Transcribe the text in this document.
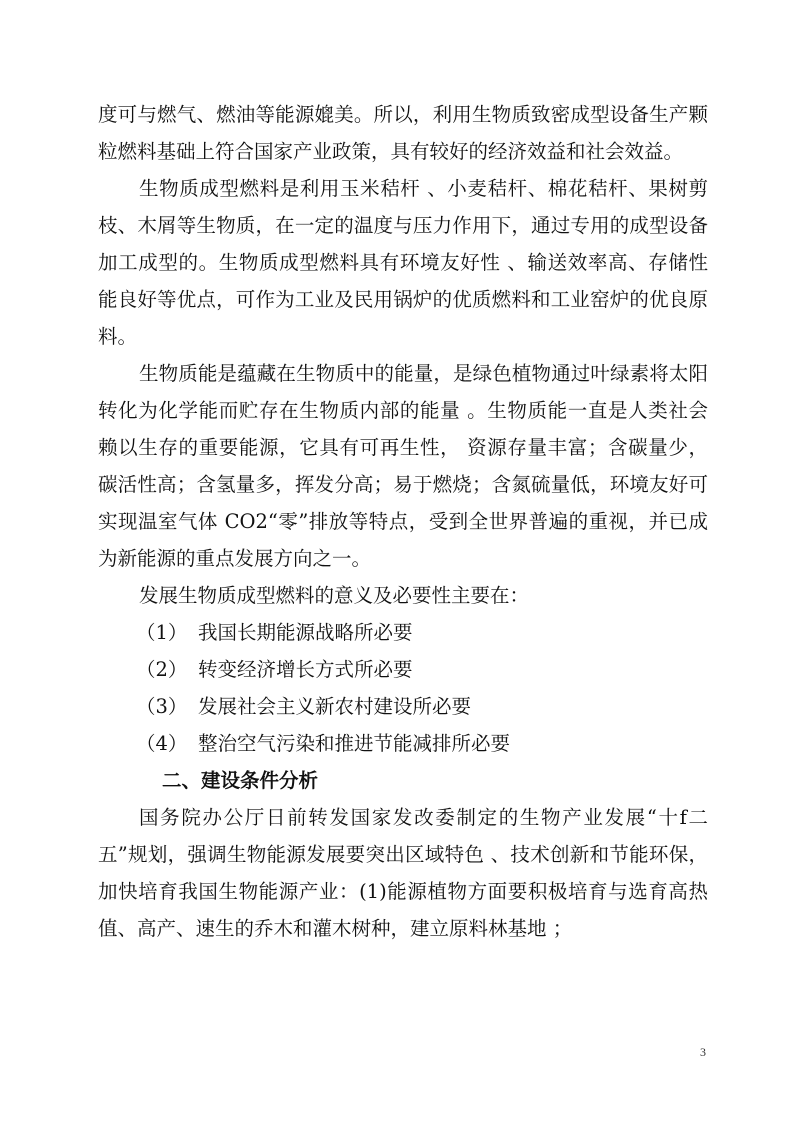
度可与燃气、燃油等能源媲美。所以，利用生物质致密成型设备生产颗粒燃料基础上符合国家产业政策，具有较好的经济效益和社会效益。

生物质成型燃料是利用玉米秸杆 、小麦秸杆、棉花秸杆、果树剪枝、木屑等生物质，在一定的温度与压力作用下，通过专用的成型设备加工成型的。生物质成型燃料具有环境友好性 、输送效率高、存储性能良好等优点，可作为工业及民用锅炉的优质燃料和工业窑炉的优良原料。

生物质能是蕴藏在生物质中的能量，是绿色植物通过叶绿素将太阳转化为化学能而贮存在生物质内部的能量 。生物质能一直是人类社会赖以生存的重要能源，它具有可再生性， 资源存量丰富；含碳量少，碳活性高；含氢量多，挥发分高；易于燃烧；含氮硫量低，环境友好可实现温室气体 CO2“零”排放等特点，受到全世界普遍的重视，并已成为新能源的重点发展方向之一。

发展生物质成型燃料的意义及必要性主要在：

（1） 我国长期能源战略所必要
（2） 转变经济增长方式所必要
（3） 发展社会主义新农村建设所必要
（4） 整治空气污染和推进节能减排所必要
二、建设条件分析

国务院办公厅日前转发国家发改委制定的生物产业发展“十f二五”规划，强调生物能源发展要突出区域特色 、技术创新和节能环保，加快培育我国生物能源产业：(1)能源植物方面要积极培育与选育高热值、高产、速生的乔木和灌木树种，建立原料林基地 ；

3
